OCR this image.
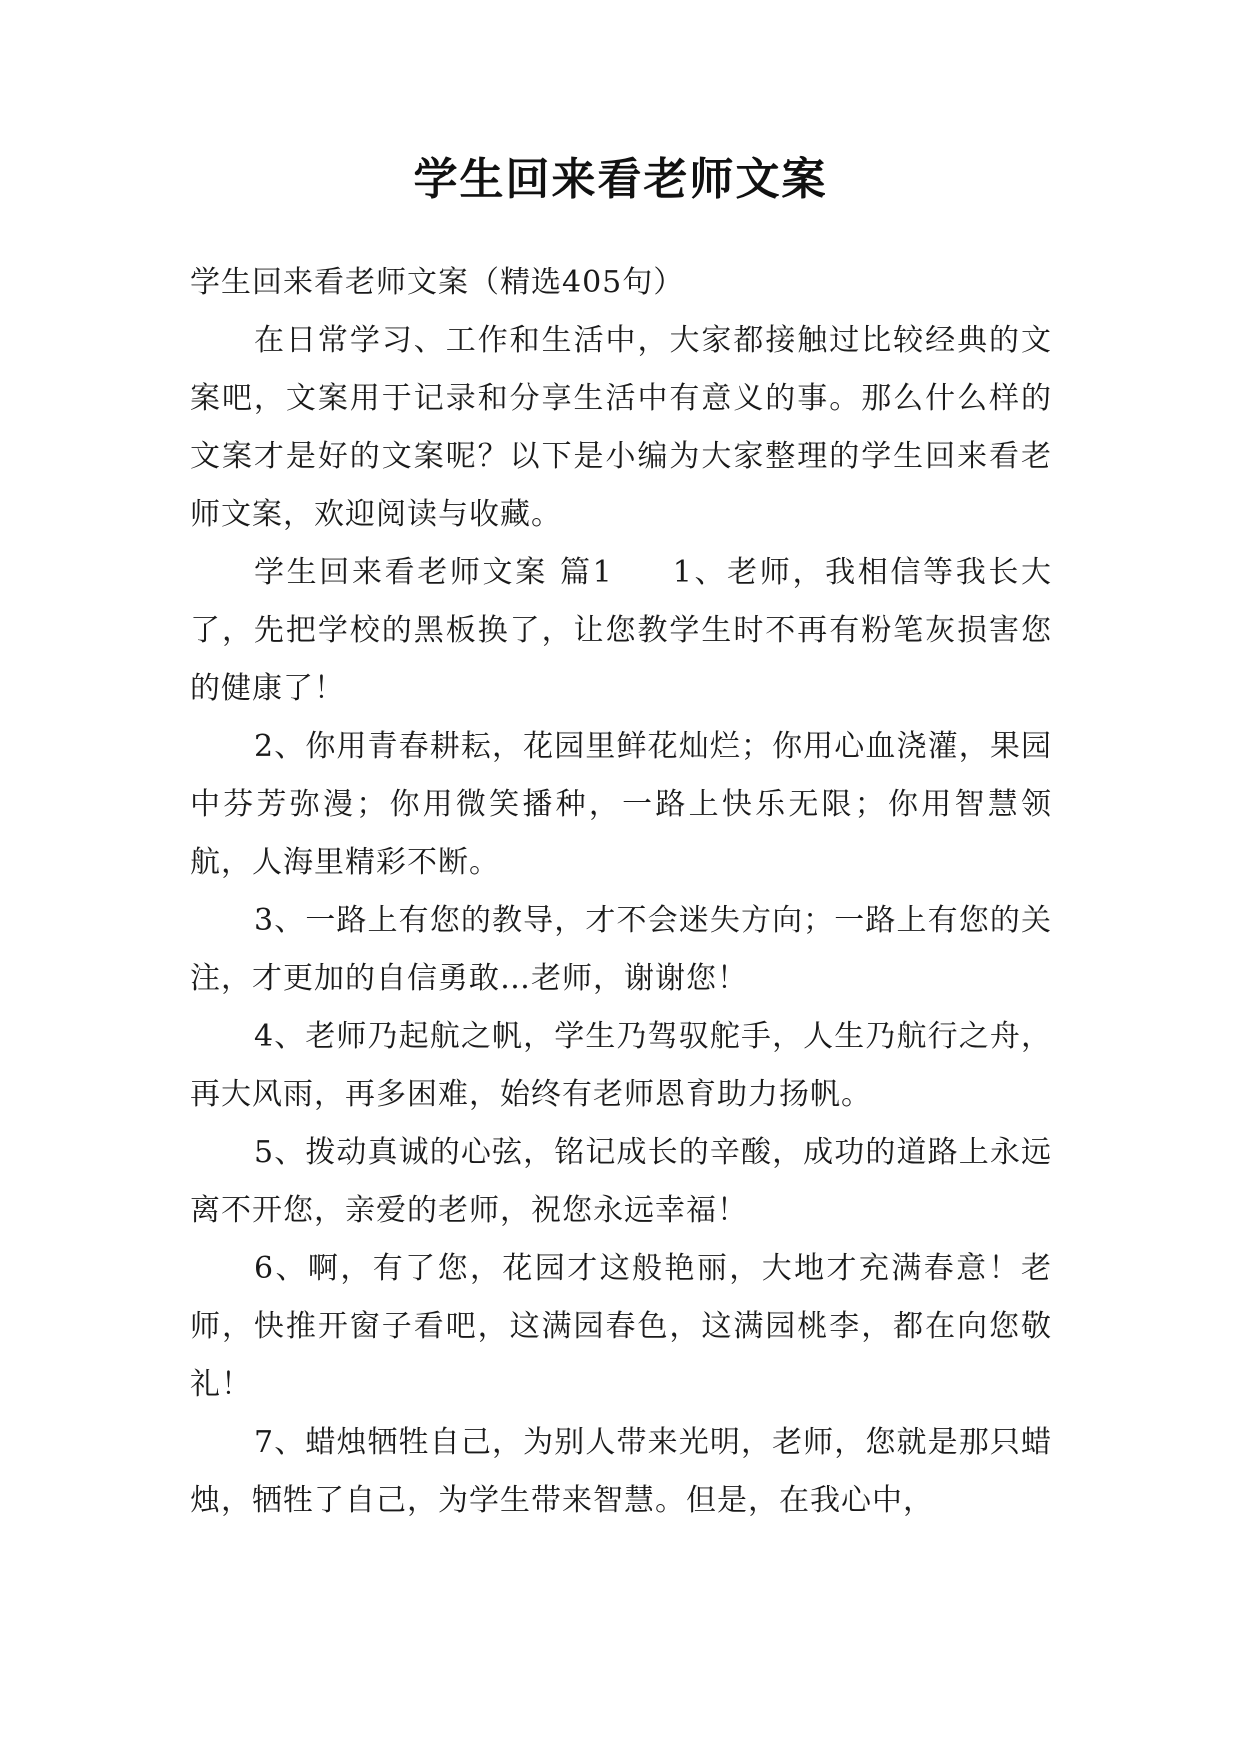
学生回来看老师文案

学生回来看老师文案（精选405句）

在日常学习、工作和生活中，大家都接触过比较经典的文案吧，文案用于记录和分享生活中有意义的事。那么什么样的文案才是好的文案呢？以下是小编为大家整理的学生回来看老师文案，欢迎阅读与收藏。

学生回来看老师文案 篇1 1、老师，我相信等我长大了，先把学校的黑板换了，让您教学生时不再有粉笔灰损害您的健康了！

2、你用青春耕耘，花园里鲜花灿烂；你用心血浇灌，果园中芬芳弥漫；你用微笑播种，一路上快乐无限；你用智慧领航，人海里精彩不断。

3、一路上有您的教导，才不会迷失方向；一路上有您的关注，才更加的自信勇敢…老师，谢谢您！

4、老师乃起航之帆，学生乃驾驭舵手，人生乃航行之舟，再大风雨，再多困难，始终有老师恩育助力扬帆。

5、拨动真诚的心弦，铭记成长的辛酸，成功的道路上永远离不开您，亲爱的老师，祝您永远幸福！

6、啊，有了您，花园才这般艳丽，大地才充满春意！老师，快推开窗子看吧，这满园春色，这满园桃李，都在向您敬礼！

7、蜡烛牺牲自己，为别人带来光明，老师，您就是那只蜡烛，牺牲了自己，为学生带来智慧。但是，在我心中，
